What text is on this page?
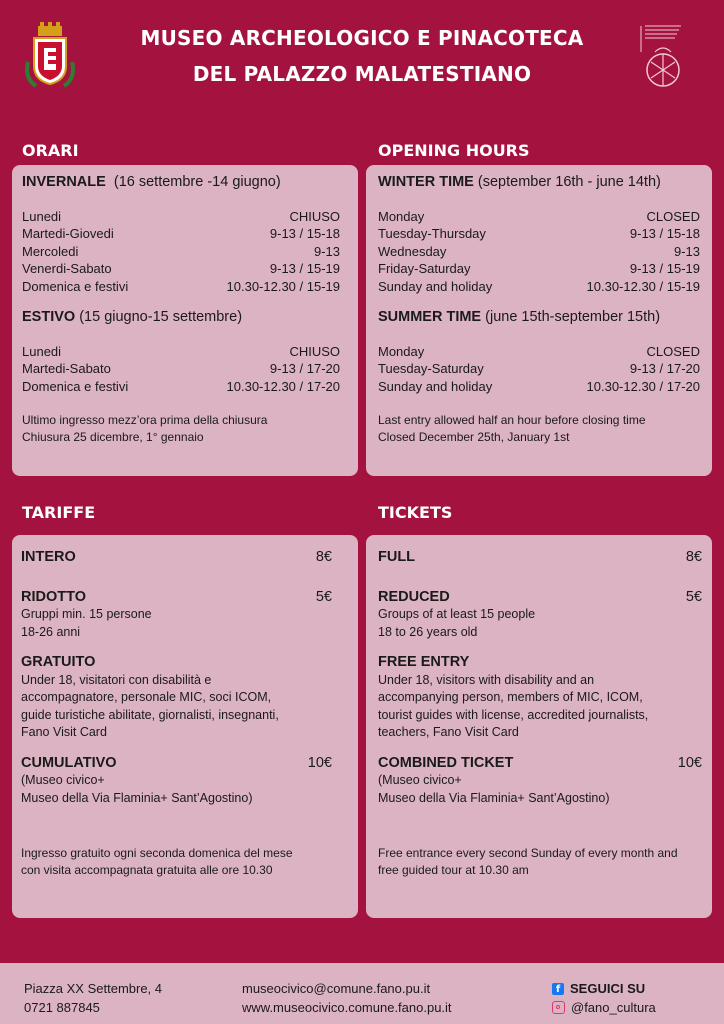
MUSEO ARCHEOLOGICO E PINACOTECA
DEL PALAZZO MALATESTIANO
ORARI
INVERNALE (16 settembre -14 giugno)
Lunedi	CHIUSO
Martedi-Giovedi	9-13 / 15-18
Mercoledi	9-13
Venerdi-Sabato	9-13 / 15-19
Domenica e festivi	10.30-12.30 / 15-19
ESTIVO (15 giugno-15 settembre)
Lunedi	CHIUSO
Martedi-Sabato	9-13 / 17-20
Domenica e festivi	10.30-12.30 / 17-20
Ultimo ingresso mezz’ora prima della chiusura
Chiusura 25 dicembre, 1° gennaio
OPENING HOURS
WINTER TIME (september 16th - june 14th)
Monday	CLOSED
Tuesday-Thursday	9-13 / 15-18
Wednesday	9-13
Friday-Saturday	9-13 / 15-19
Sunday and holiday	10.30-12.30 / 15-19
SUMMER TIME (june 15th-september 15th)
Monday	CLOSED
Tuesday-Saturday	9-13 / 17-20
Sunday and holiday	10.30-12.30 / 17-20
Last entry allowed half an hour before closing time
Closed December 25th, January 1st
TARIFFE
INTERO	8€
RIDOTTO	5€
Gruppi min. 15 persone
18-26 anni
GRATUITO
Under 18, visitatori con disabilità e
accompagnatore, personale MIC, soci ICOM,
guide turistiche abilitate, giornalisti, insegnanti,
Fano Visit Card
CUMULATIVO	10€
(Museo civico+
Museo della Via Flaminia+ Sant’Agostino)
Ingresso gratuito ogni seconda domenica del mese
con visita accompagnata gratuita alle ore 10.30
TICKETS
FULL	8€
REDUCED	5€
Groups of at least 15 people
18 to 26 years old
FREE ENTRY
Under 18, visitors with disability and an
accompanying person, members of MIC, ICOM,
tourist guides with license, accredited journalists,
teachers, Fano Visit Card
COMBINED TICKET	10€
(Museo civico+
Museo della Via Flaminia+ Sant’Agostino)
Free entrance every second Sunday of every month and
free guided tour at 10.30 am
Piazza XX Settembre, 4
0721 887845
museocivico@comune.fano.pu.it
www.museocivico.comune.fano.pu.it
f SEGUICI SU
@fano_cultura
